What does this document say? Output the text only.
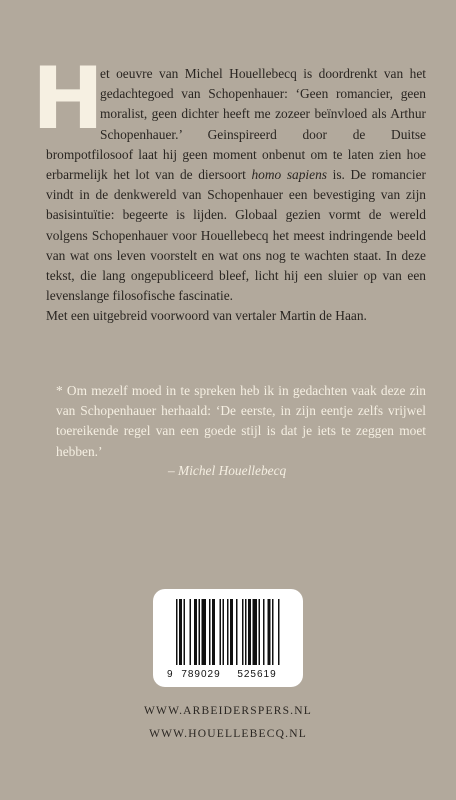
H

et oeuvre van Michel Houellebecq is doordrenkt van het gedachtegoed van Schopenhauer: ‘Geen romancier, geen moralist, geen dichter heeft me zozeer beïnvloed als Arthur Schopenhauer.’ Geinspireerd door de Duitse brompotfilosoof laat hij geen moment onbenut om te laten zien hoe erbarmelijk het lot van de diersoort homo sapiens is. De romancier vindt in de denkwereld van Schopenhauer een bevestiging van zijn basisintuïtie: begeerte is lijden. Globaal gezien vormt de wereld volgens Schopenhauer voor Houellebecq het meest indringende beeld van wat ons leven voorstelt en wat ons nog te wachten staat. In deze tekst, die lang ongepubliceerd bleef, licht hij een sluier op van een levenslange filosofische fascinatie.

Met een uitgebreid voorwoord van vertaler Martin de Haan.

* Om mezelf moed in te spreken heb ik in gedachten vaak deze zin van Schopenhauer herhaald: ‘De eerste, in zijn eentje zelfs vrijwel toereikende regel van een goede stijl is dat je iets te zeggen moet hebben.’
– Michel Houellebecq
9 789029 525619
WWW.ARBEIDERSPERS.NL
WWW.HOUELLEBECQ.NL
